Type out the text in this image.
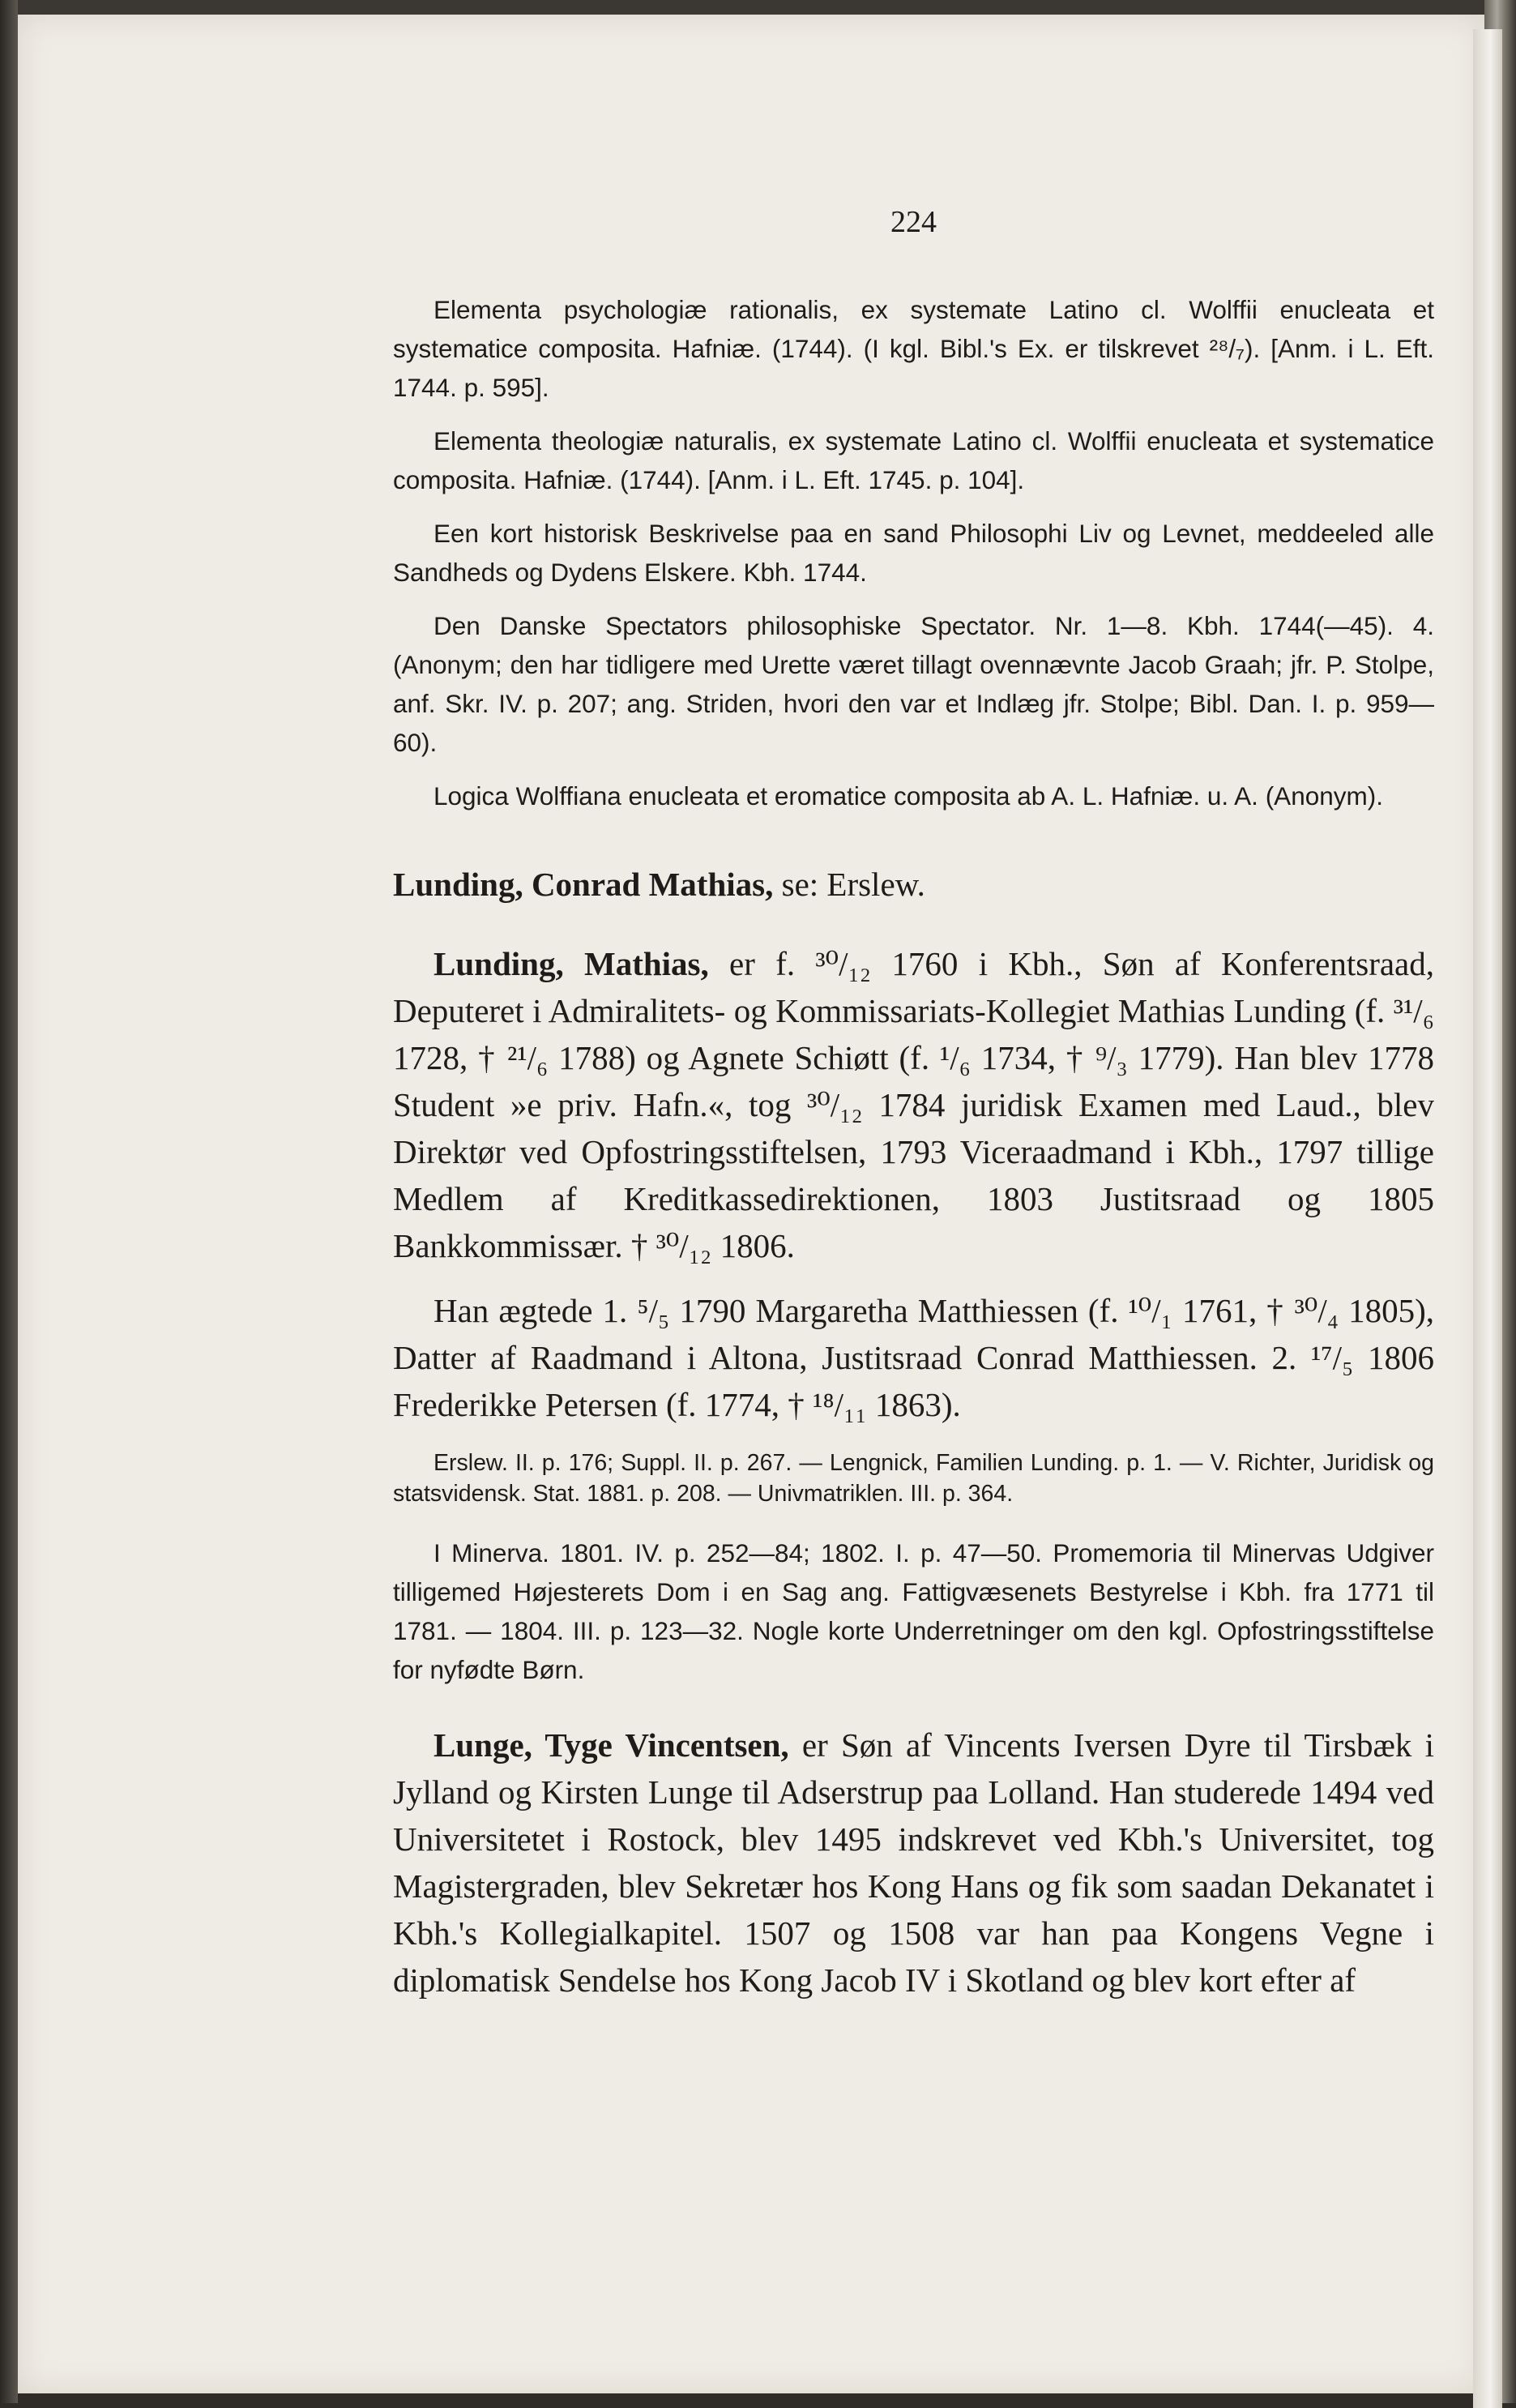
224

Elementa psychologiæ rationalis, ex systemate Latino cl. Wolffii enucleata et systematice composita. Hafniæ. (1744). (I kgl. Bibl.'s Ex. er tilskrevet ²⁸/₇). [Anm. i L. Eft. 1744. p. 595].

Elementa theologiæ naturalis, ex systemate Latino cl. Wolffii enucleata et systematice composita. Hafniæ. (1744). [Anm. i L. Eft. 1745. p. 104].

Een kort historisk Beskrivelse paa en sand Philosophi Liv og Levnet, meddeeled alle Sandheds og Dydens Elskere. Kbh. 1744.

Den Danske Spectators philosophiske Spectator. Nr. 1—8. Kbh. 1744(—45). 4. (Anonym; den har tidligere med Urette været tillagt ovennævnte Jacob Graah; jfr. P. Stolpe, anf. Skr. IV. p. 207; ang. Striden, hvori den var et Indlæg jfr. Stolpe; Bibl. Dan. I. p. 959—60).

Logica Wolffiana enucleata et eromatice composita ab A. L. Hafniæ. u. A. (Anonym).

Lunding, Conrad Mathias, se: Erslew.

Lunding, Mathias, er f. ³⁰/₁₂ 1760 i Kbh., Søn af Konferentsraad, Deputeret i Admiralitets- og Kommissariats-Kollegiet Mathias Lunding (f. ³¹/₆ 1728, † ²¹/₆ 1788) og Agnete Schiøtt (f. ¹/₆ 1734, † ⁹/₃ 1779). Han blev 1778 Student »e priv. Hafn.«, tog ³⁰/₁₂ 1784 juridisk Examen med Laud., blev Direktør ved Opfostringsstiftelsen, 1793 Viceraadmand i Kbh., 1797 tillige Medlem af Kreditkassedirektionen, 1803 Justitsraad og 1805 Bankkommissær. † ³⁰/₁₂ 1806.

Han ægtede 1. ⁵/₅ 1790 Margaretha Matthiessen (f. ¹⁰/₁ 1761, † ³⁰/₄ 1805), Datter af Raadmand i Altona, Justitsraad Conrad Matthiessen. 2. ¹⁷/₅ 1806 Frederikke Petersen (f. 1774, † ¹⁸/₁₁ 1863).

Erslew. II. p. 176; Suppl. II. p. 267. — Lengnick, Familien Lunding. p. 1. — V. Richter, Juridisk og statsvidensk. Stat. 1881. p. 208. — Univmatriklen. III. p. 364.

I Minerva. 1801. IV. p. 252—84; 1802. I. p. 47—50. Promemoria til Minervas Udgiver tilligemed Højesterets Dom i en Sag ang. Fattigvæsenets Bestyrelse i Kbh. fra 1771 til 1781. — 1804. III. p. 123—32. Nogle korte Underretninger om den kgl. Opfostringsstiftelse for nyfødte Børn.

Lunge, Tyge Vincentsen, er Søn af Vincents Iversen Dyre til Tirsbæk i Jylland og Kirsten Lunge til Adserstrup paa Lolland. Han studerede 1494 ved Universitetet i Rostock, blev 1495 indskrevet ved Kbh.'s Universitet, tog Magistergraden, blev Sekretær hos Kong Hans og fik som saadan Dekanatet i Kbh.'s Kollegialkapitel. 1507 og 1508 var han paa Kongens Vegne i diplomatisk Sendelse hos Kong Jacob IV i Skotland og blev kort efter af
